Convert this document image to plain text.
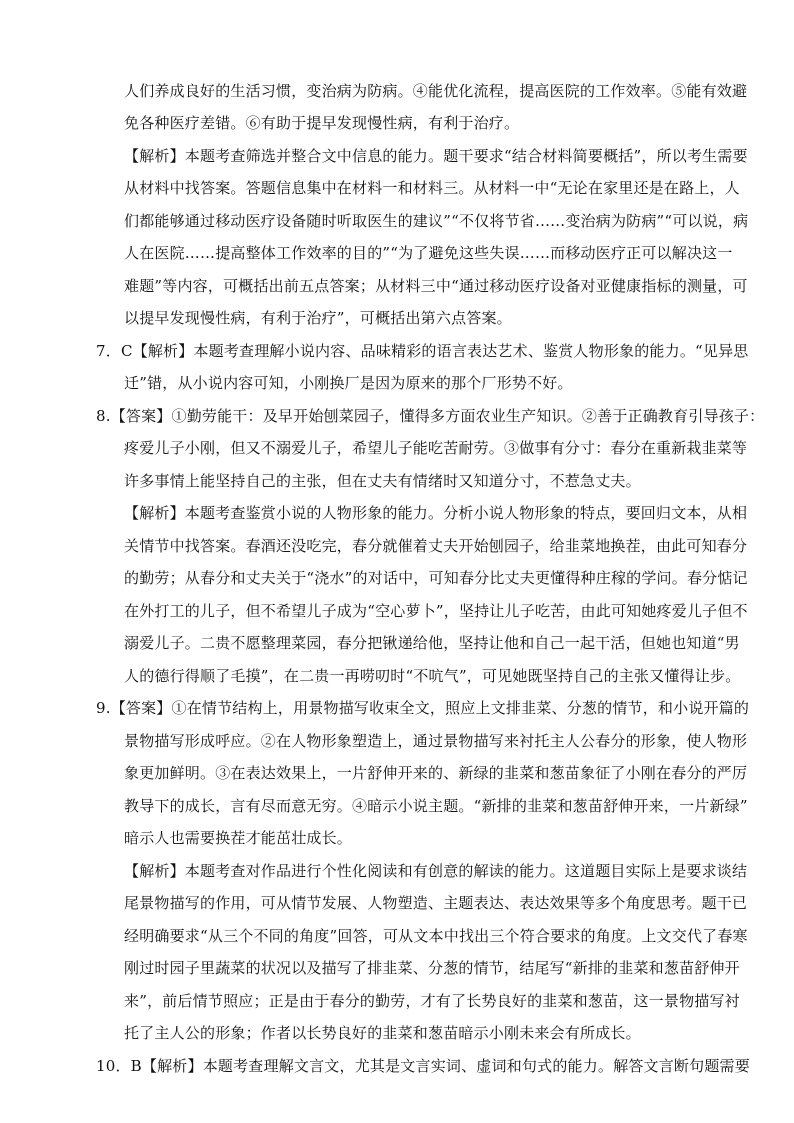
人们养成良好的生活习惯，变治病为防病。④能优化流程，提高医院的工作效率。⑤能有效避
免各种医疗差错。⑥有助于提早发现慢性病，有利于治疗。
【解析】本题考查筛选并整合文中信息的能力。题干要求“结合材料简要概括”，所以考生需要
从材料中找答案。答题信息集中在材料一和材料三。从材料一中“无论在家里还是在路上，人
们都能够通过移动医疗设备随时听取医生的建议”“不仅将节省……变治病为防病”“可以说，病
人在医院……提高整体工作效率的目的”“为了避免这些失误……而移动医疗正可以解决这一
难题”等内容，可概括出前五点答案；从材料三中“通过移动医疗设备对亚健康指标的测量，可
以提早发现慢性病，有利于治疗”，可概括出第六点答案。
7．C【解析】本题考查理解小说内容、品味精彩的语言表达艺术、鉴赏人物形象的能力。“见异思
迁”错，从小说内容可知，小刚换厂是因为原来的那个厂形势不好。
8.【答案】①勤劳能干：及早开始刨菜园子，懂得多方面农业生产知识。②善于正确教育引导孩子：
疼爱儿子小刚，但又不溺爱儿子，希望儿子能吃苦耐劳。③做事有分寸：春分在重新栽韭菜等
许多事情上能坚持自己的主张，但在丈夫有情绪时又知道分寸，不惹急丈夫。
【解析】本题考查鉴赏小说的人物形象的能力。分析小说人物形象的特点，要回归文本，从相
关情节中找答案。春酒还没吃完，春分就催着丈夫开始刨园子，给韭菜地换茬，由此可知春分
的勤劳；从春分和丈夫关于“浇水”的对话中，可知春分比丈夫更懂得种庄稼的学问。春分惦记
在外打工的儿子，但不希望儿子成为“空心萝卜”，坚持让儿子吃苦，由此可知她疼爱儿子但不
溺爱儿子。二贵不愿整理菜园，春分把锹递给他，坚持让他和自己一起干活，但她也知道“男
人的德行得顺了毛摸”，在二贵一再唠叨时“不吭气”，可见她既坚持自己的主张又懂得让步。
9.【答案】①在情节结构上，用景物描写收束全文，照应上文排韭菜、分葱的情节，和小说开篇的
景物描写形成呼应。②在人物形象塑造上，通过景物描写来衬托主人公春分的形象，使人物形
象更加鲜明。③在表达效果上，一片舒伸开来的、新绿的韭菜和葱苗象征了小刚在春分的严厉
教导下的成长，言有尽而意无穷。④暗示小说主题。“新排的韭菜和葱苗舒伸开来，一片新绿”
暗示人也需要换茬才能茁壮成长。
【解析】本题考查对作品进行个性化阅读和有创意的解读的能力。这道题目实际上是要求谈结
尾景物描写的作用，可从情节发展、人物塑造、主题表达、表达效果等多个角度思考。题干已
经明确要求“从三个不同的角度”回答，可从文本中找出三个符合要求的角度。上文交代了春寒
刚过时园子里蔬菜的状况以及描写了排韭菜、分葱的情节，结尾写“新排的韭菜和葱苗舒伸开
来”，前后情节照应；正是由于春分的勤劳，才有了长势良好的韭菜和葱苗，这一景物描写衬
托了主人公的形象；作者以长势良好的韭菜和葱苗暗示小刚未来会有所成长。
10．B【解析】本题考查理解文言文，尤其是文言实词、虚词和句式的能力。解答文言断句题需要
